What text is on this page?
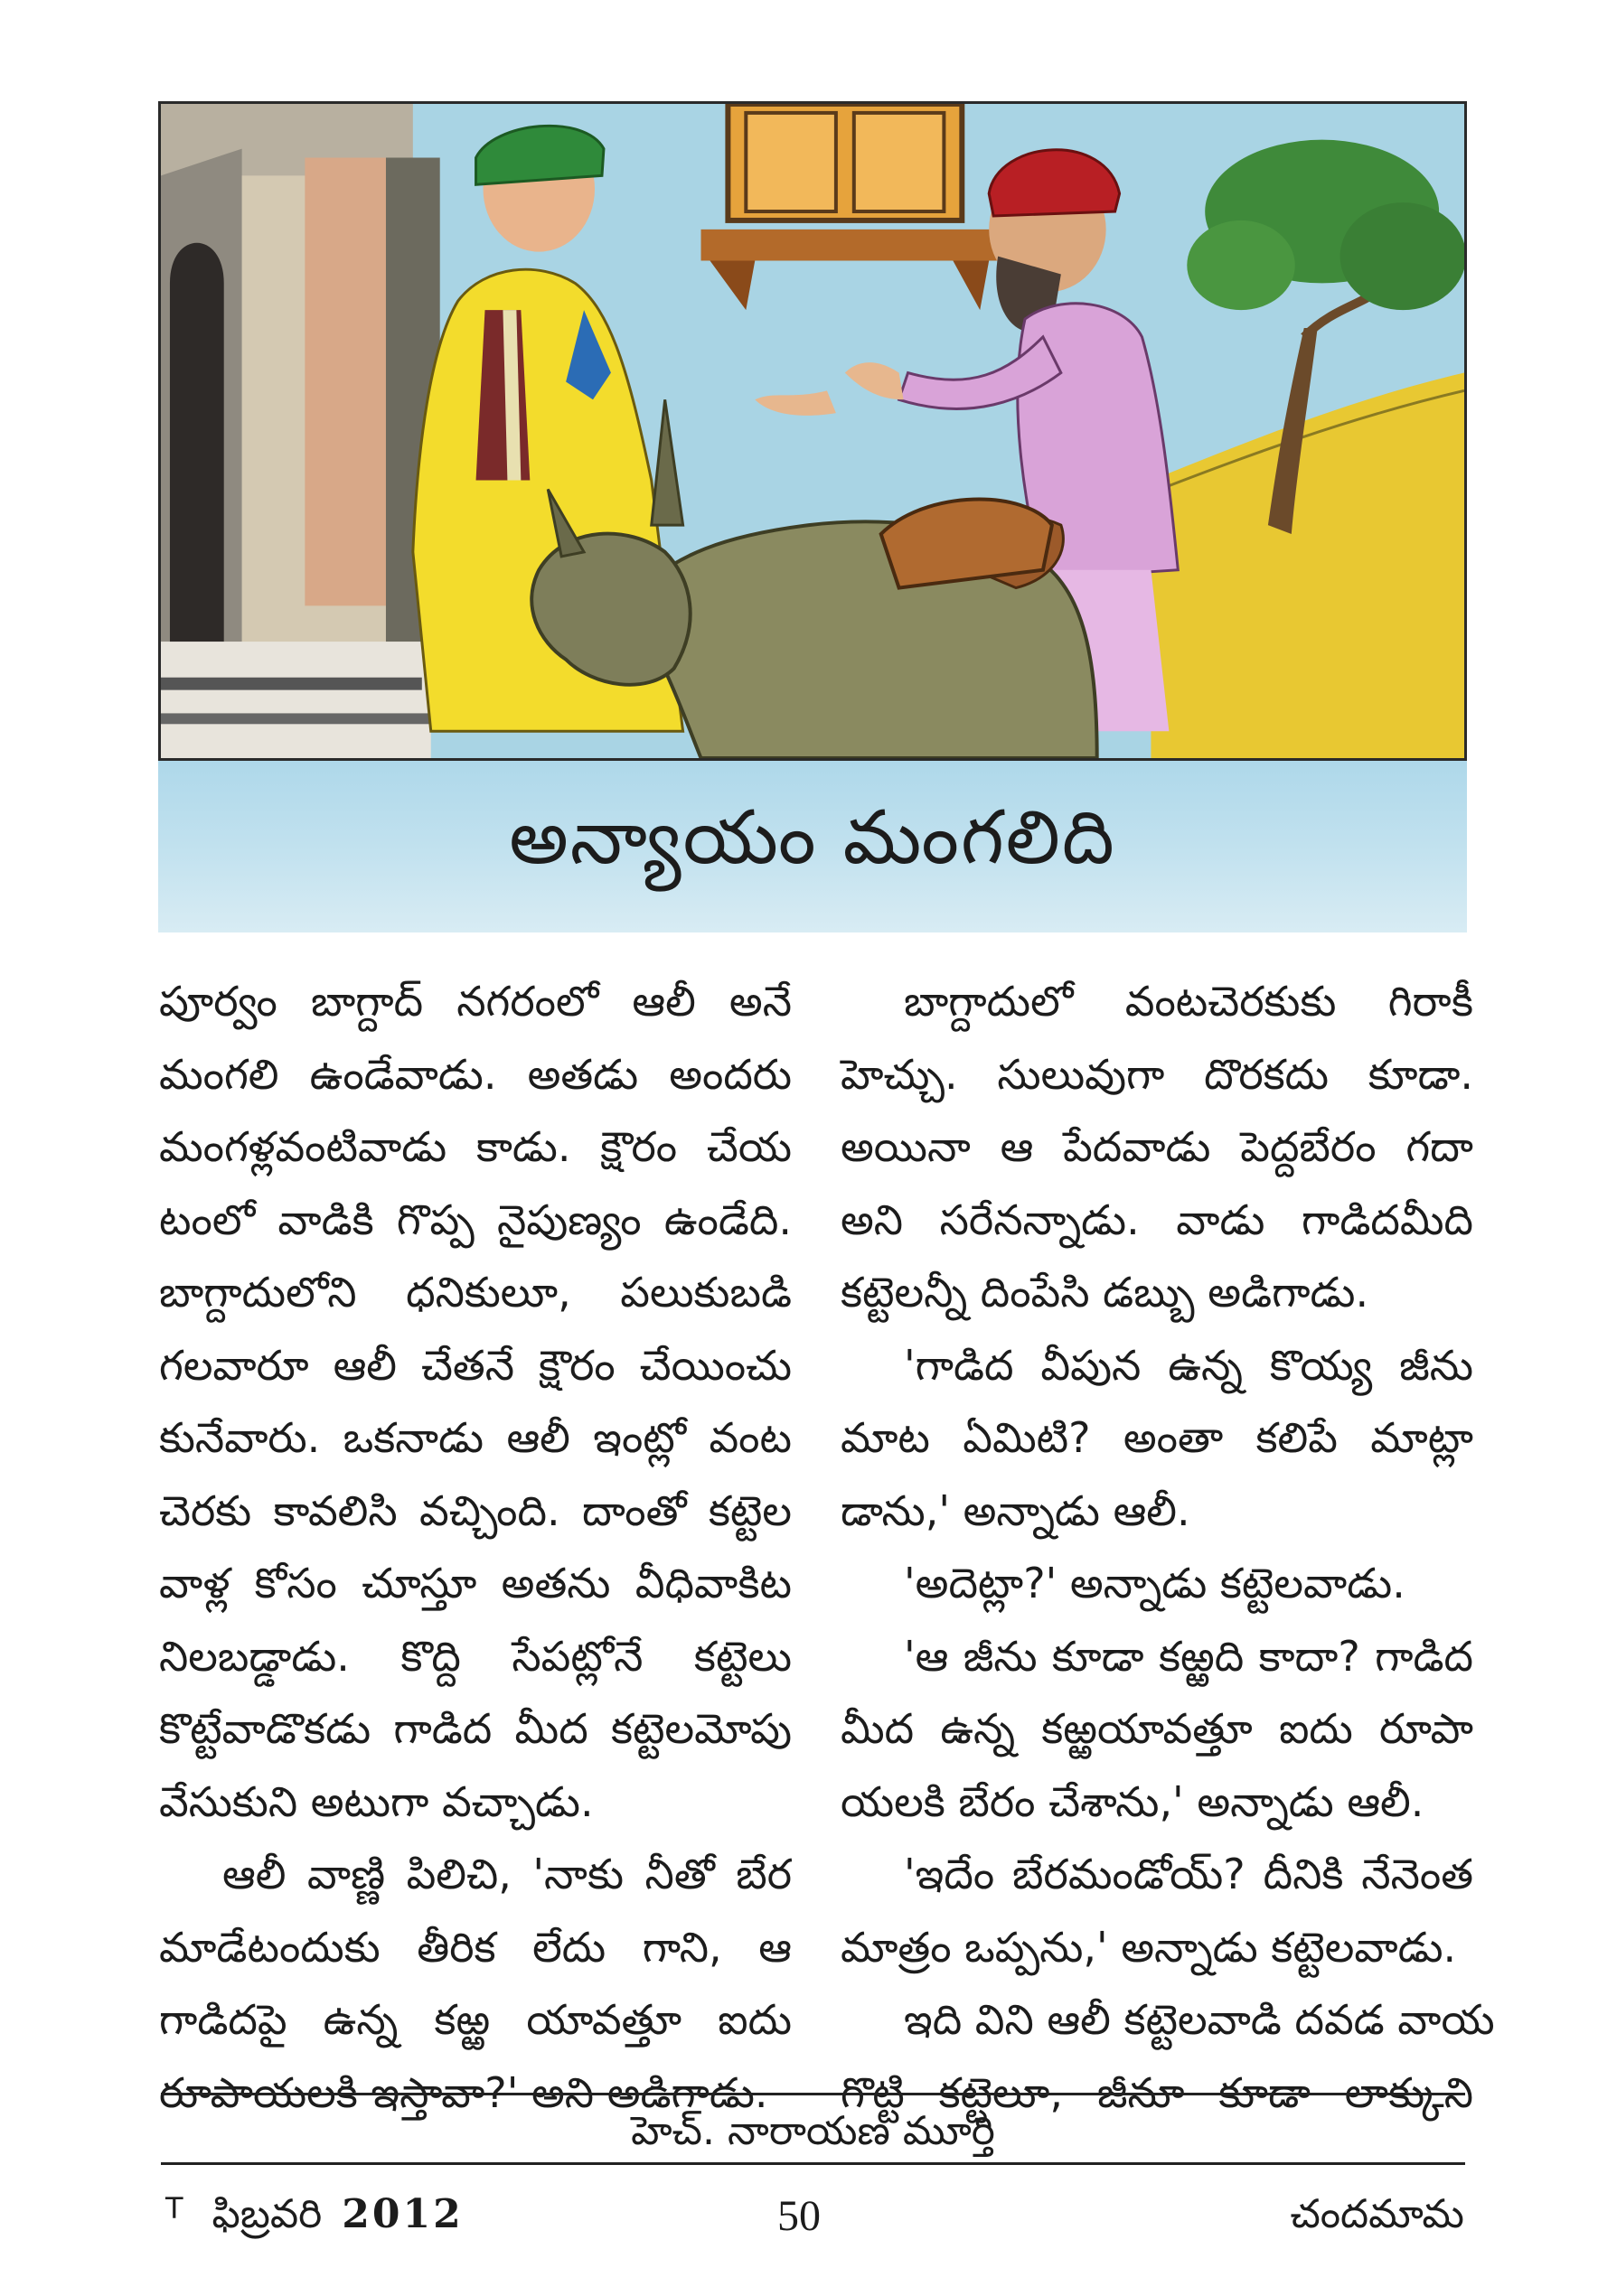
అన్యాయం మంగలిది
పూర్వం బాగ్దాద్ నగరంలో ఆలీ అనే
మంగలి ఉండేవాడు. అతడు అందరు
మంగళ్లవంటివాడు కాడు. క్షౌరం చేయ
టంలో వాడికి గొప్ప నైపుణ్యం ఉండేది.
బాగ్దాదులోని ధనికులూ, పలుకుబడి
గలవారూ ఆలీ చేతనే క్షౌరం చేయించు
కునేవారు. ఒకనాడు ఆలీ ఇంట్లో వంట
చెరకు కావలిసి వచ్చింది. దాంతో కట్టెల
వాళ్ల కోసం చూస్తూ అతను వీధివాకిట
నిలబడ్డాడు. కొద్ది సేపట్లోనే కట్టెలు
కొట్టేవాడొకడు గాడిద మీద కట్టెలమోపు
వేసుకుని అటుగా వచ్చాడు.
ఆలీ వాణ్ణి పిలిచి, 'నాకు నీతో బేర
మాడేటందుకు తీరిక లేదు గాని, ఆ
గాడిదపై ఉన్న కఱ్ఱ యావత్తూ ఐదు
రూపాయలకి ఇస్తావా?' అని అడిగాడు.
బాగ్దాదులో వంటచెరకుకు గిరాకీ
హెచ్చు. సులువుగా దొరకదు కూడా.
అయినా ఆ పేదవాడు పెద్దబేరం గదా
అని సరేనన్నాడు. వాడు గాడిదమీది
కట్టెలన్నీ దింపేసి డబ్బు అడిగాడు.
'గాడిద వీపున ఉన్న కొయ్య జీను
మాట ఏమిటి? అంతా కలిపే మాట్లా
డాను,' అన్నాడు ఆలీ.
'అదెట్లా?' అన్నాడు కట్టెలవాడు.
'ఆ జీను కూడా కఱ్ఱది కాదా? గాడిద
మీద ఉన్న కఱ్ఱయావత్తూ ఐదు రూపా
యలకి బేరం చేశాను,' అన్నాడు ఆలీ.
'ఇదేం బేరమండోయ్? దీనికి నేనెంత
మాత్రం ఒప్పను,' అన్నాడు కట్టెలవాడు.
ఇది విని ఆలీ కట్టెలవాడి దవడ వాయ
గొట్టి కట్టెలూ, జీనూ కూడా లాక్కుని
హెచ్. నారాయణ మూర్తి
$^T$ ఫిబ్రవరి 2012	50	చందమామ
